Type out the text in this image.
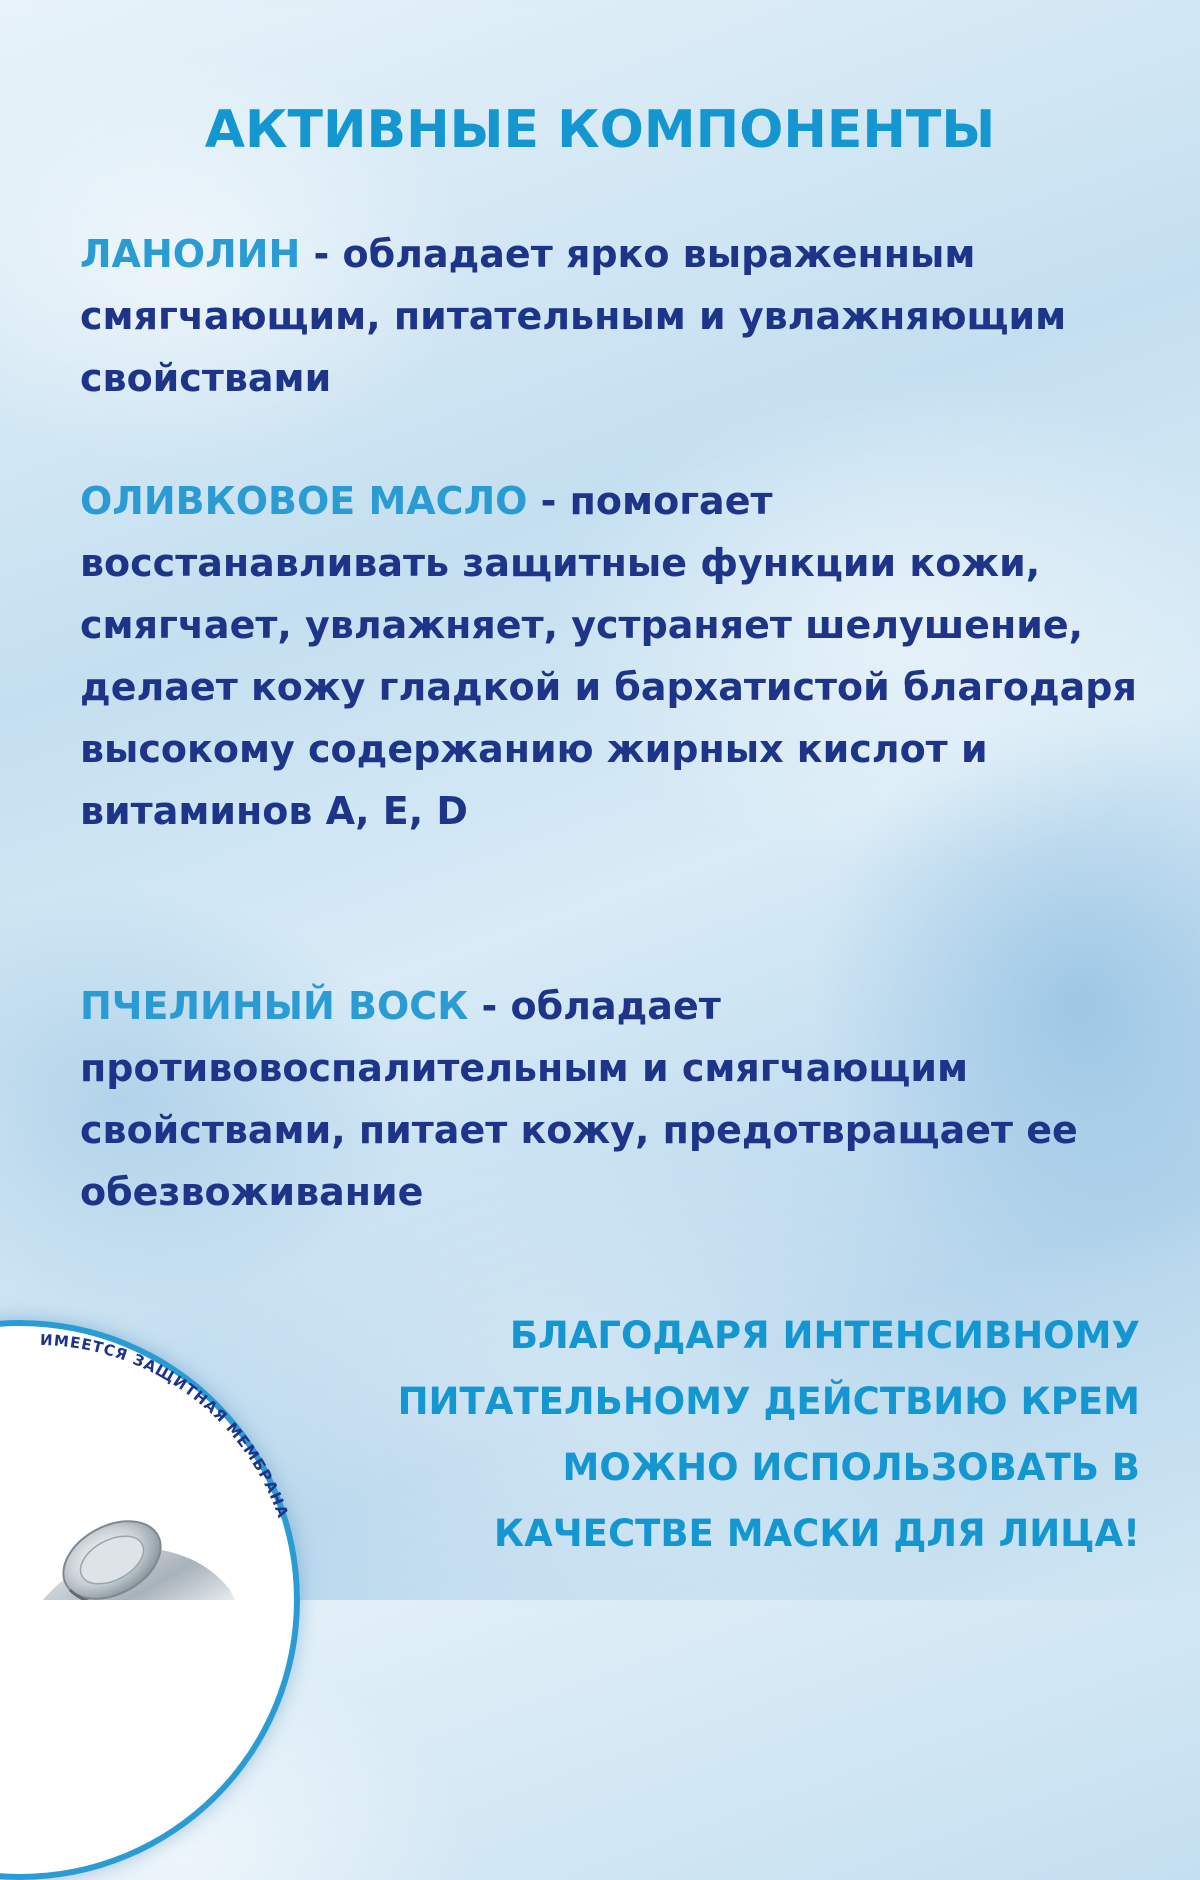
АКТИВНЫЕ КОМПОНЕНТЫ
ЛАНОЛИН - обладает ярко выраженным смягчающим, питательным и увлажняющим свойствами
ОЛИВКОВОЕ МАСЛО - помогает восстанавливать защитные функции кожи, смягчает, увлажняет, устраняет шелушение, делает кожу гладкой и бархатистой благодаря высокому содержанию жирных кислот и витаминов А, Е, D
ПЧЕЛИНЫЙ ВОСК - обладает противовоспалительным и смягчающим свойствами, питает кожу, предотвращает ее обезвоживание
БЛАГОДАРЯ ИНТЕНСИВНОМУ
ПИТАТЕЛЬНОМУ ДЕЙСТВИЮ КРЕМ
МОЖНО ИСПОЛЬЗОВАТЬ В
КАЧЕСТВЕ МАСКИ ДЛЯ ЛИЦА!
ИМЕЕТСЯ ЗАЩИТНАЯ МЕМБРАНА
